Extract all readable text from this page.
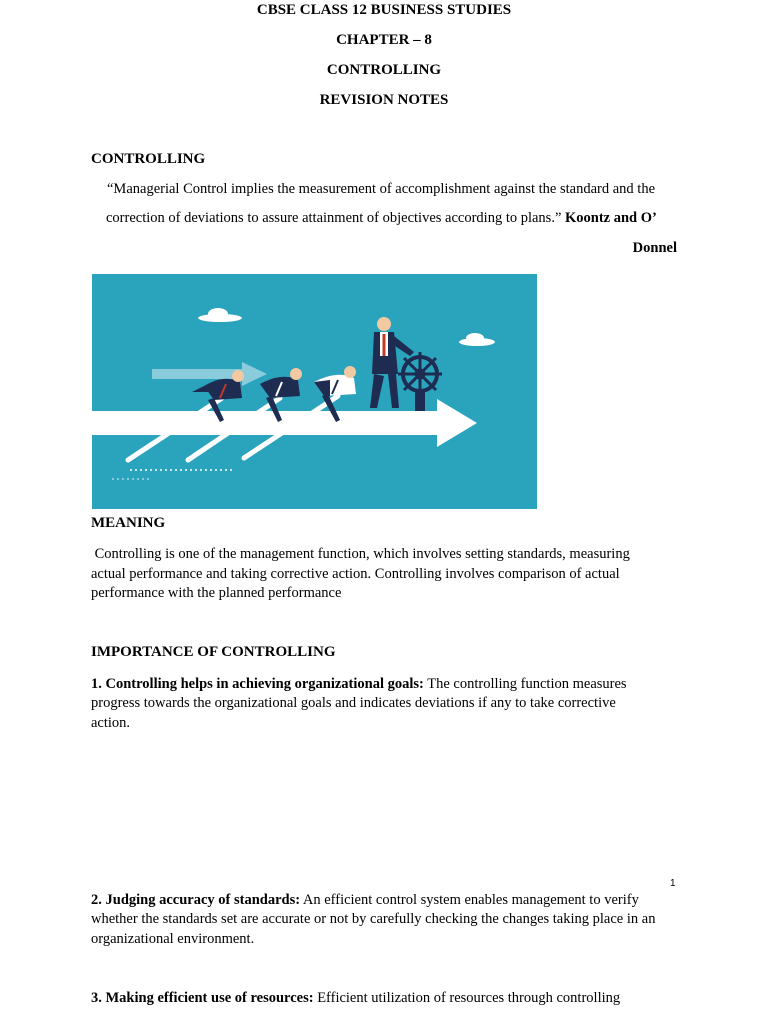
CBSE CLASS 12 BUSINESS STUDIES
CHAPTER – 8
CONTROLLING
REVISION NOTES
CONTROLLING
“Managerial Control implies the measurement of accomplishment against the standard and the
correction of deviations to assure attainment of objectives according to plans.” Koontz and O’
Donnel
MEANING
Controlling is one of the management function, which involves setting standards, measuring
actual performance and taking corrective action. Controlling involves comparison of actual
performance with the planned performance
IMPORTANCE OF CONTROLLING
1. Controlling helps in achieving organizational goals: The controlling function measures
progress towards the organizational goals and indicates deviations if any to take corrective
action.
1
2. Judging accuracy of standards: An efficient control system enables management to verify
whether the standards set are accurate or not by carefully checking the changes taking place in an
organizational environment.
3. Making efficient use of resources: Efficient utilization of resources through controlling
